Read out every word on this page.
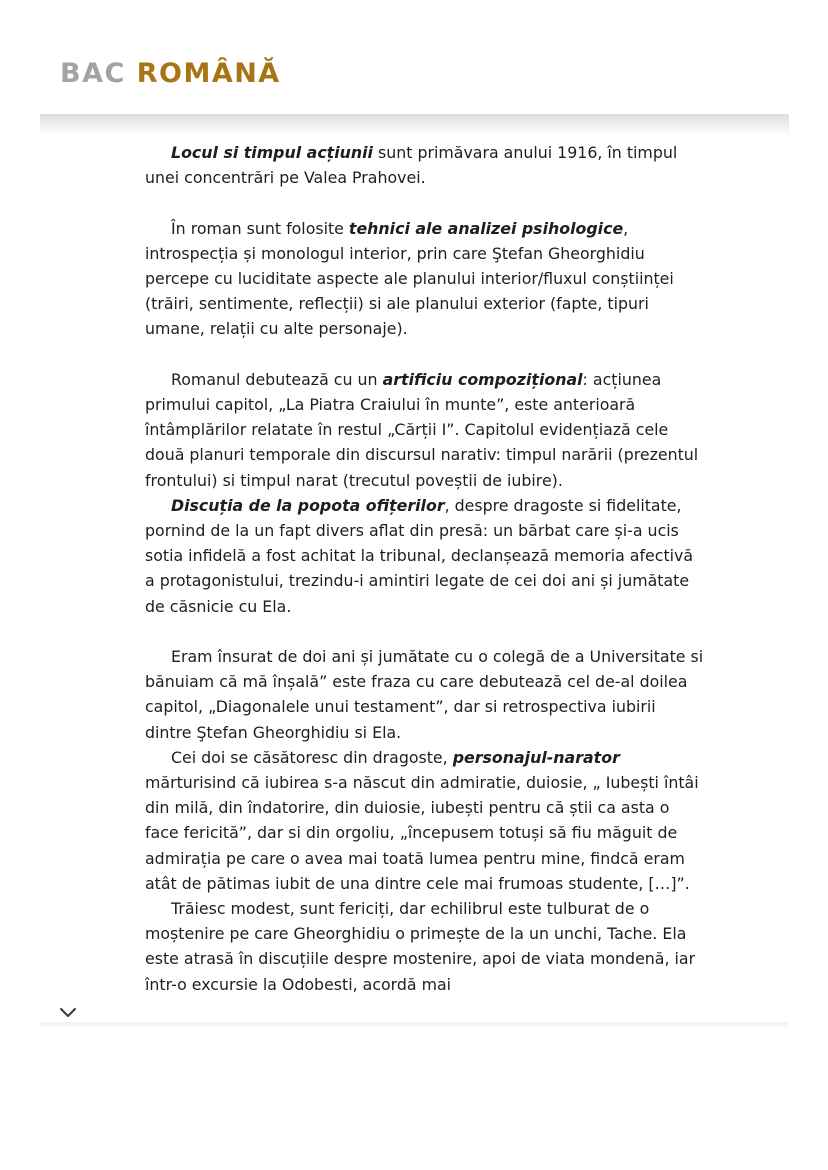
BAC ROMÂNĂ

Locul si timpul acțiunii sunt primăvara anului 1916, în timpul unei concentrări pe Valea Prahovei.

În roman sunt folosite tehnici ale analizei psihologice, introspecția și monologul interior, prin care Ştefan Gheorghidiu percepe cu luciditate aspecte ale planului interior/fluxul conștiinței (trăiri, sentimente, reflecții) si ale planului exterior (fapte, tipuri umane, relații cu alte personaje).

Romanul debutează cu un artificiu compozițional: acțiunea primului capitol, „La Piatra Craiului în munte”, este anterioară întâmplărilor relatate în restul „Cărții I”. Capitolul evidențiază cele două planuri temporale din discursul narativ: timpul narării (prezentul frontului) si timpul narat (trecutul poveștii de iubire).

Discuția de la popota ofițerilor, despre dragoste si fidelitate, pornind de la un fapt divers aflat din presă: un bărbat care și-a ucis sotia infidelă a fost achitat la tribunal, declanșează memoria afectivă a protagonistului, trezindu-i amintiri legate de cei doi ani și jumătate de căsnicie cu Ela.

Eram însurat de doi ani și jumătate cu o colegă de a Universitate si bănuiam că mă înșală” este fraza cu care debutează cel de-al doilea capitol, „Diagonalele unui testament”, dar si retrospectiva iubirii dintre Ştefan Gheorghidiu si Ela.

Cei doi se căsătoresc din dragoste, personajul-narator mărturisind că iubirea s-a născut din admiratie, duiosie, „ Iubești întâi din milă, din îndatorire, din duiosie, iubești pentru că știi ca asta o face fericită”, dar si din orgoliu, „începusem totuși să fiu măguit de admirația pe care o avea mai toată lumea pentru mine, findcă eram atât de pătimas iubit de una dintre cele mai frumoas studente, […]”.

Trăiesc modest, sunt fericiți, dar echilibrul este tulburat de o moștenire pe care Gheorghidiu o primește de la un unchi, Tache. Ela este atrasă în discuțiile despre mostenire, apoi de viata mondenă, iar într-o excursie la Odobesti, acordă mai
